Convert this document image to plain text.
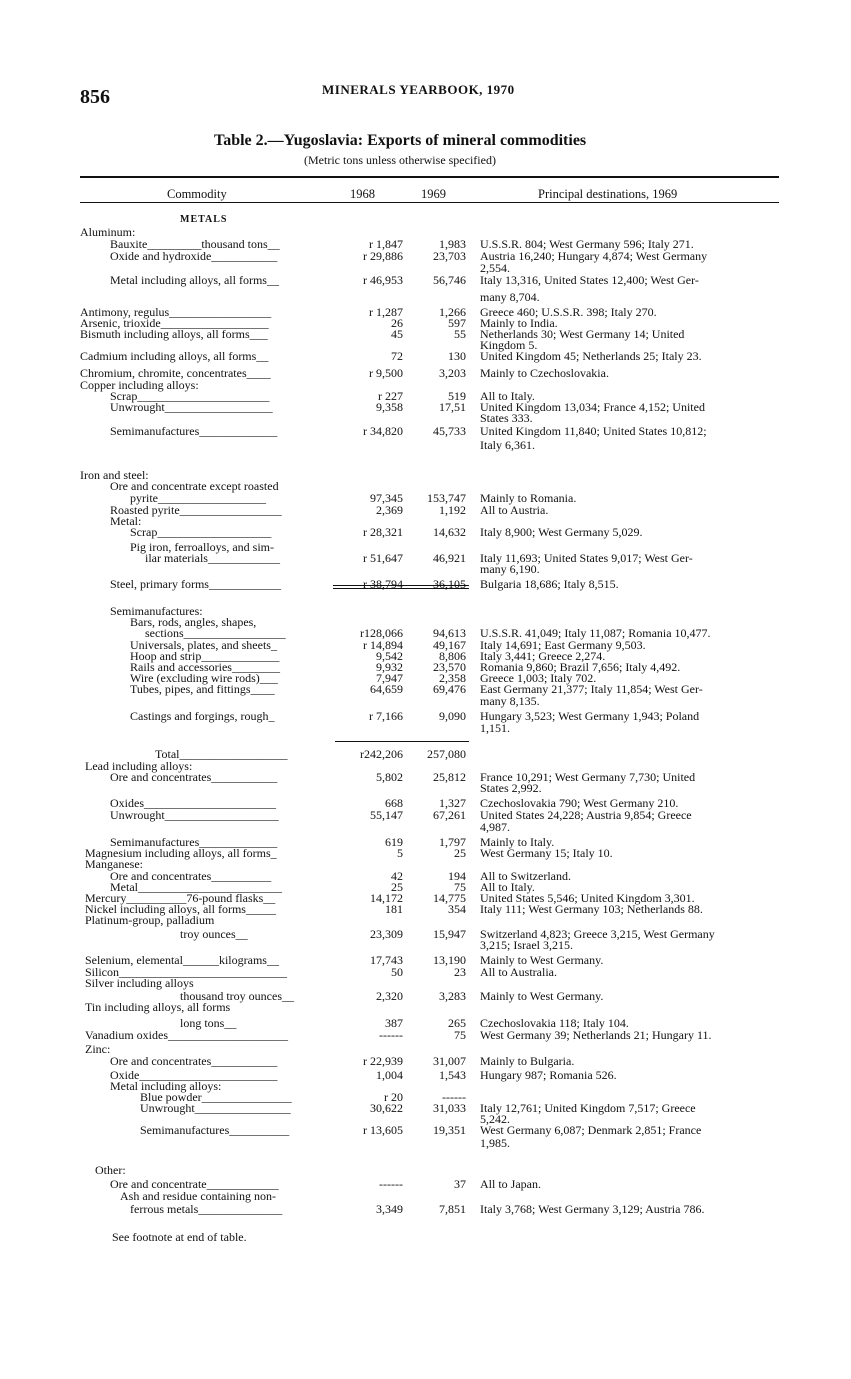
856	MINERALS YEARBOOK, 1970
Table 2.—Yugoslavia: Exports of mineral commodities
(Metric tons unless otherwise specified)
Commodity	1968	1969	Principal destinations, 1969
METALS
Aluminum:
Bauxite_________thousand tons__	r 1,847	1,983 U.S.S.R. 804; West Germany 596; Italy 271.
Oxide and hydroxide___________	r 29,886	23,703 Austria 16,240; Hungary 4,874; West Germany
2,554.
Metal including alloys, all forms__	r 46,953	56,746 Italy 13,316, United States 12,400; West Ger-
many 8,704.
Antimony, regulus_________________	r 1,287	1,266 Greece 460; U.S.S.R. 398; Italy 270.
Arsenic, trioxide__________________	26	597 Mainly to India.
Bismuth including alloys, all forms___	45	55 Netherlands 30; West Germany 14; United
Kingdom 5.
Cadmium including alloys, all forms__	72	130 United Kingdom 45; Netherlands 25; Italy 23.
Chromium, chromite, concentrates____	r 9,500	3,203 Mainly to Czechoslovakia.
Copper including alloys:
Scrap______________________	r 227	519 All to Italy.
Unwrought__________________	9,358	17,51 United Kingdom 13,034; France 4,152; United
States 333.
Semimanufactures_____________	r 34,820	45,733 United Kingdom 11,840; United States 10,812;
Italy 6,361.
Iron and steel:
Ore and concentrate except roasted
pyrite__________________	97,345	153,747 Mainly to Romania.
Roasted pyrite_________________	2,369	1,192 All to Austria.
Metal:
Scrap___________________	r 28,321	14,632 Italy 8,900; West Germany 5,029.
Pig iron, ferroalloys, and sim-
ilar materials____________	r 51,647	46,921 Italy 11,693; United States 9,017; West Ger-
many 6,190.
Steel, primary forms____________	r 38,794	36,105 Bulgaria 18,686; Italy 8,515.
Semimanufactures:
Bars, rods, angles, shapes,
sections_________________	r128,066	94,613 U.S.S.R. 41,049; Italy 11,087; Romania 10,477.
Universals, plates, and sheets_	r 14,894	49,167 Italy 14,691; East Germany 9,503.
Hoop and strip_____________	9,542	8,806 Italy 3,441; Greece 2,274.
Rails and accessories________	9,932	23,570 Romania 9,860; Brazil 7,656; Italy 4,492.
Wire (excluding wire rods)___	7,947	2,358 Greece 1,003; Italy 702.
Tubes, pipes, and fittings____	64,659	69,476 East Germany 21,377; Italy 11,854; West Ger-
many 8,135.
Castings and forgings, rough_	r 7,166	9,090 Hungary 3,523; West Germany 1,943; Poland
1,151.
Total__________________	r242,206	257,080
Lead including alloys:
Ore and concentrates___________	5,802	25,812 France 10,291; West Germany 7,730; United
States 2,992.
Oxides______________________	668	1,327 Czechoslovakia 790; West Germany 210.
Unwrought___________________	55,147	67,261 United States 24,228; Austria 9,854; Greece
4,987.
Semimanufactures_____________	619	1,797 Mainly to Italy.
Magnesium including alloys, all forms_	5	25 West Germany 15; Italy 10.
Manganese:
Ore and concentrates__________	42	194 All to Switzerland.
Metal________________________	25	75 All to Italy.
Mercury__________76-pound flasks__	14,172	14,775 United States 5,546; United Kingdom 3,301.
Nickel including alloys, all forms_____	181	354 Italy 111; West Germany 103; Netherlands 88.
Platinum-group, palladium
troy ounces__	23,309	15,947 Switzerland 4,823; Greece 3,215, West Germany
3,215; Israel 3,215.
Selenium, elemental______kilograms__	17,743	13,190 Mainly to West Germany.
Silicon____________________________	50	23 All to Australia.
Silver including alloys
thousand troy ounces__	2,320	3,283 Mainly to West Germany.
Tin including alloys, all forms
long tons__	387	265 Czechoslovakia 118; Italy 104.
Vanadium oxides____________________	------	75 West Germany 39; Netherlands 21; Hungary 11.
Zinc:
Ore and concentrates___________	r 22,939	31,007 Mainly to Bulgaria.
Oxide_______________________	1,004	1,543 Hungary 987; Romania 526.
Metal including alloys:
Blue powder_______________	r 20	------
Unwrought________________	30,622	31,033 Italy 12,761; United Kingdom 7,517; Greece
5,242.
Semimanufactures__________	r 13,605	19,351 West Germany 6,087; Denmark 2,851; France
1,985.
Other:
Ore and concentrate____________	------	37 All to Japan.
Ash and residue containing non-
ferrous metals______________	3,349	7,851 Italy 3,768; West Germany 3,129; Austria 786.
See footnote at end of table.
